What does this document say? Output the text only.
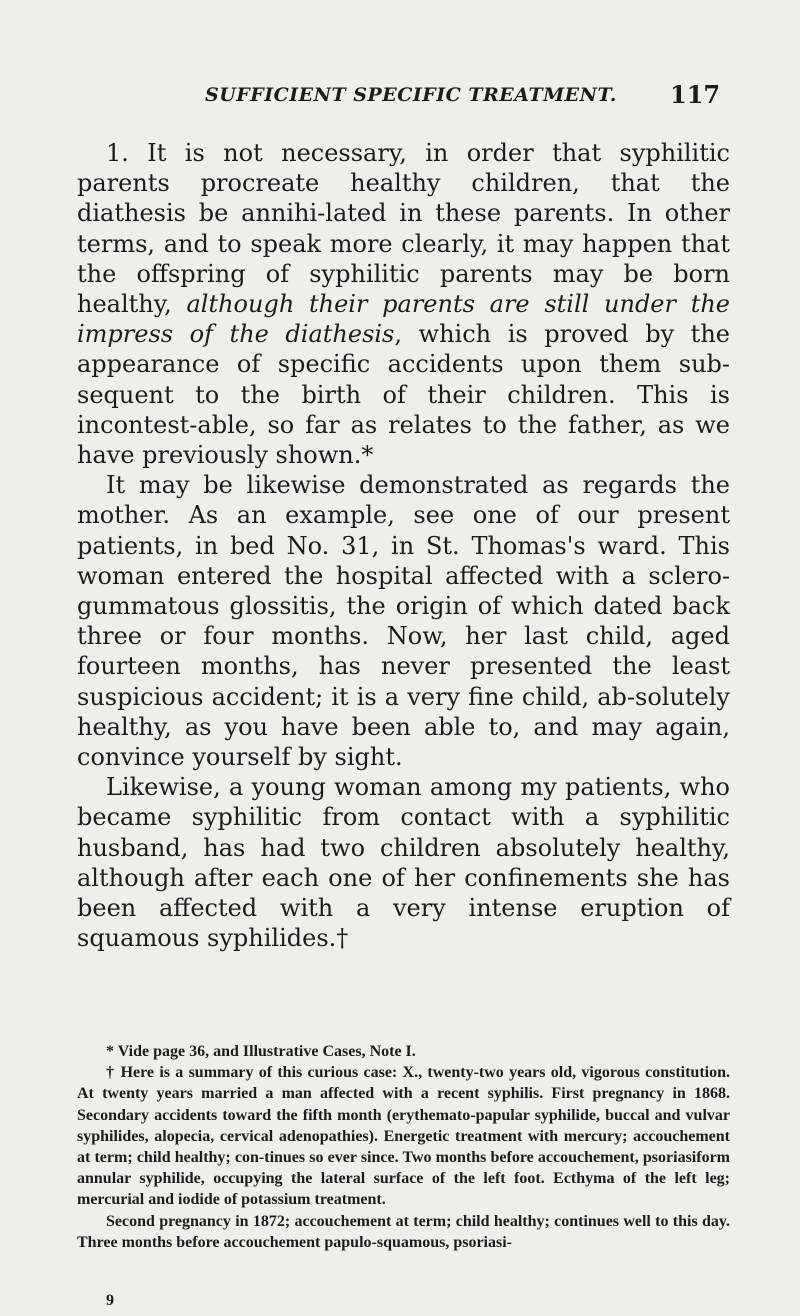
SUFFICIENT SPECIFIC TREATMENT. 117

1. It is not necessary, in order that syphilitic parents procreate healthy children, that the diathesis be annihi-lated in these parents. In other terms, and to speak more clearly, it may happen that the offspring of syphilitic parents may be born healthy, although their parents are still under the impress of the diathesis, which is proved by the appearance of specific accidents upon them sub-sequent to the birth of their children. This is incontest-able, so far as relates to the father, as we have previously shown.*

It may be likewise demonstrated as regards the mother. As an example, see one of our present patients, in bed No. 31, in St. Thomas's ward. This woman entered the hospital affected with a sclero-gummatous glossitis, the origin of which dated back three or four months. Now, her last child, aged fourteen months, has never presented the least suspicious accident; it is a very fine child, ab-solutely healthy, as you have been able to, and may again, convince yourself by sight.

Likewise, a young woman among my patients, who became syphilitic from contact with a syphilitic husband, has had two children absolutely healthy, although after each one of her confinements she has been affected with a very intense eruption of squamous syphilides.†

* Vide page 36, and Illustrative Cases, Note I.

† Here is a summary of this curious case: X., twenty-two years old, vigorous constitution. At twenty years married a man affected with a recent syphilis. First pregnancy in 1868. Secondary accidents toward the fifth month (erythemato-papular syphilide, buccal and vulvar syphilides, alopecia, cervical adenopathies). Energetic treatment with mercury; accouchement at term; child healthy; con-tinues so ever since. Two months before accouchement, psoriasiform annular syphilide, occupying the lateral surface of the left foot. Ecthyma of the left leg; mercurial and iodide of potassium treatment.

Second pregnancy in 1872; accouchement at term; child healthy; continues well to this day. Three months before accouchement papulo-squamous, psoriasi-

9
